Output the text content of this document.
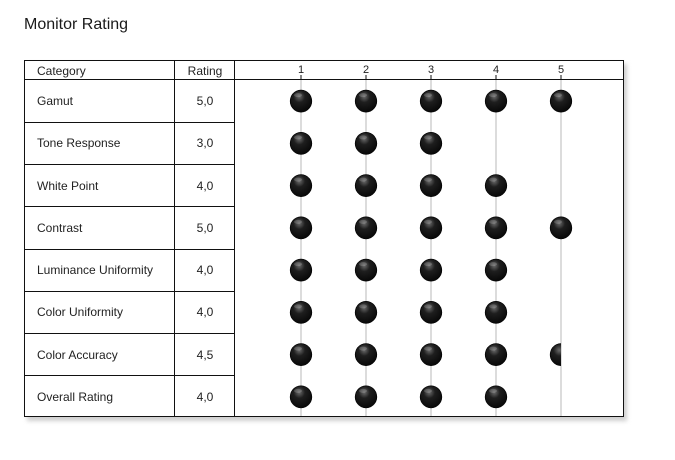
Monitor Rating
Category	Rating
Gamut	5,0
Tone Response	3,0
White Point	4,0
Contrast	5,0
Luminance Uniformity	4,0
Color Uniformity	4,0
Color Accuracy	4,5
Overall Rating	4,0
1	2	3	4	5
